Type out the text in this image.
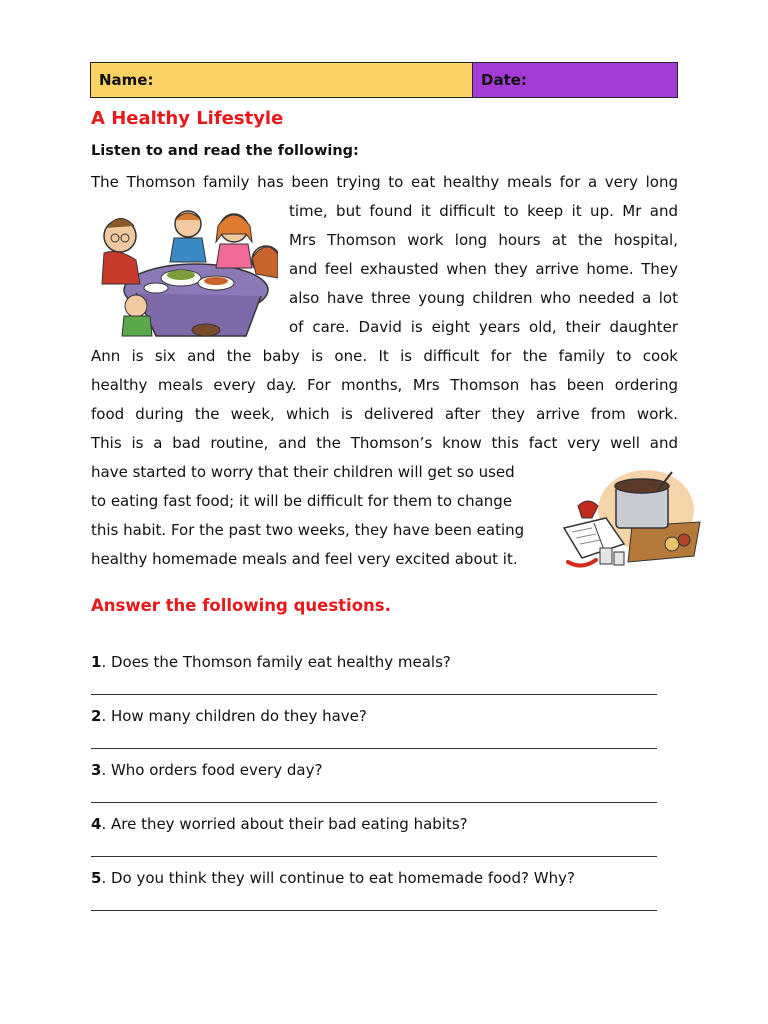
Name:	Date:
A Healthy Lifestyle
Listen to and read the following:
The Thomson family has been trying to eat healthy meals for a very long
time, but found it difficult to keep it up. Mr and
Mrs Thomson work long hours at the hospital,
and feel exhausted when they arrive home. They
also have three young children who needed a lot
of care. David is eight years old, their daughter
Ann is six and the baby is one. It is difficult for the family to cook
healthy meals every day. For months, Mrs Thomson has been ordering
food during the week, which is delivered after they arrive from work.
This is a bad routine, and the Thomson’s know this fact very well and
have started to worry that their children will get so used
to eating fast food; it will be difficult for them to change
this habit. For the past two weeks, they have been eating
healthy homemade meals and feel very excited about it.
Answer the following questions.
1. Does the Thomson family eat healthy meals?
2. How many children do they have?
3. Who orders food every day?
4. Are they worried about their bad eating habits?
5. Do you think they will continue to eat homemade food? Why?
